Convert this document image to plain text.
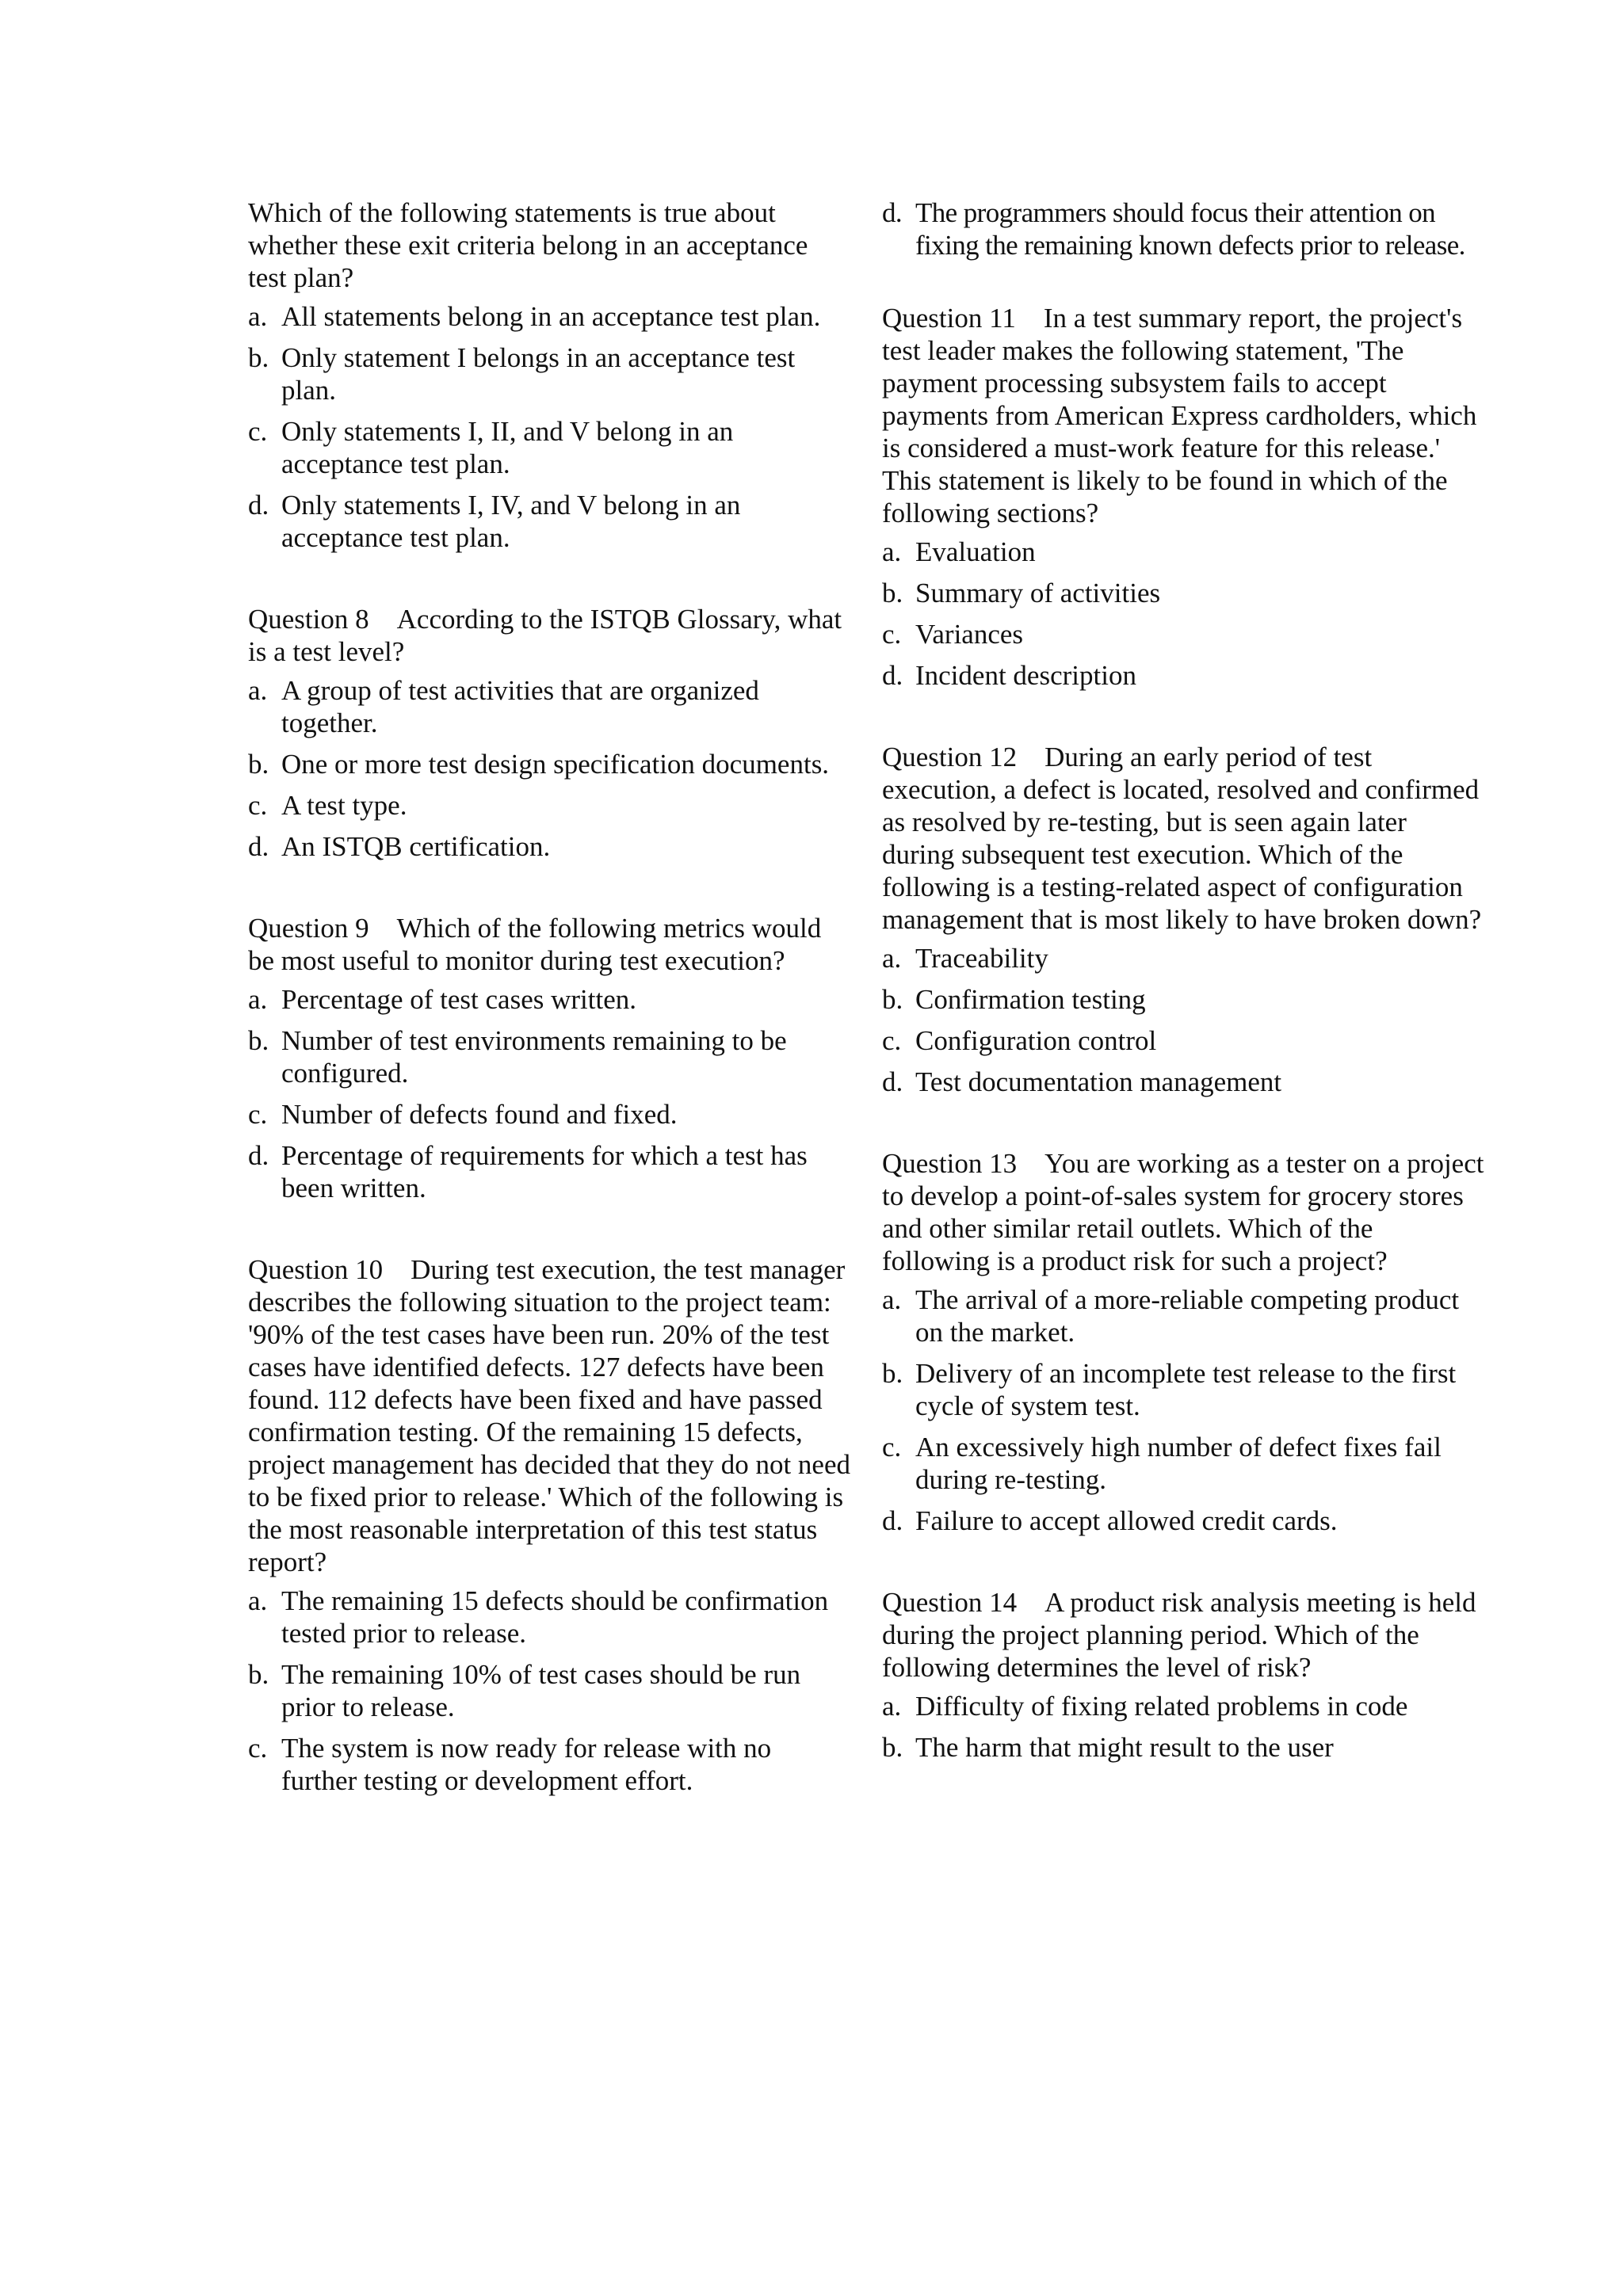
Which of the following statements is true about whether these exit criteria belong in an acceptance test plan?

a. All statements belong in an acceptance test plan.
b. Only statement I belongs in an acceptance test plan.
c. Only statements I, II, and V belong in an acceptance test plan.
d. Only statements I, IV, and V belong in an acceptance test plan.

Question 8 According to the ISTQB Glossary, what is a test level?

a. A group of test activities that are organized together.
b. One or more test design specification documents.
c. A test type.
d. An ISTQB certification.

Question 9 Which of the following metrics would be most useful to monitor during test execution?

a. Percentage of test cases written.
b. Number of test environments remaining to be configured.
c. Number of defects found and fixed.
d. Percentage of requirements for which a test has been written.

Question 10 During test execution, the test manager describes the following situation to the project team: '90% of the test cases have been run. 20% of the test cases have identified defects. 127 defects have been found. 112 defects have been fixed and have passed confirmation testing. Of the remaining 15 defects, project management has decided that they do not need to be fixed prior to release.' Which of the following is the most reasonable interpretation of this test status report?

a. The remaining 15 defects should be confirmation tested prior to release.
b. The remaining 10% of test cases should be run prior to release.
c. The system is now ready for release with no further testing or development effort.
d. The programmers should focus their attention on fixing the remaining known defects prior to release.

Question 11 In a test summary report, the project's test leader makes the following statement, 'The payment processing subsystem fails to accept payments from American Express cardholders, which is considered a must-work feature for this release.' This statement is likely to be found in which of the following sections?

a. Evaluation
b. Summary of activities
c. Variances
d. Incident description

Question 12 During an early period of test execution, a defect is located, resolved and confirmed as resolved by re-testing, but is seen again later during subsequent test execution. Which of the following is a testing-related aspect of configuration management that is most likely to have broken down?

a. Traceability
b. Confirmation testing
c. Configuration control
d. Test documentation management

Question 13 You are working as a tester on a project to develop a point-of-sales system for grocery stores and other similar retail outlets. Which of the following is a product risk for such a project?

a. The arrival of a more-reliable competing product on the market.
b. Delivery of an incomplete test release to the first cycle of system test.
c. An excessively high number of defect fixes fail during re-testing.
d. Failure to accept allowed credit cards.

Question 14 A product risk analysis meeting is held during the project planning period. Which of the following determines the level of risk?

a. Difficulty of fixing related problems in code
b. The harm that might result to the user
